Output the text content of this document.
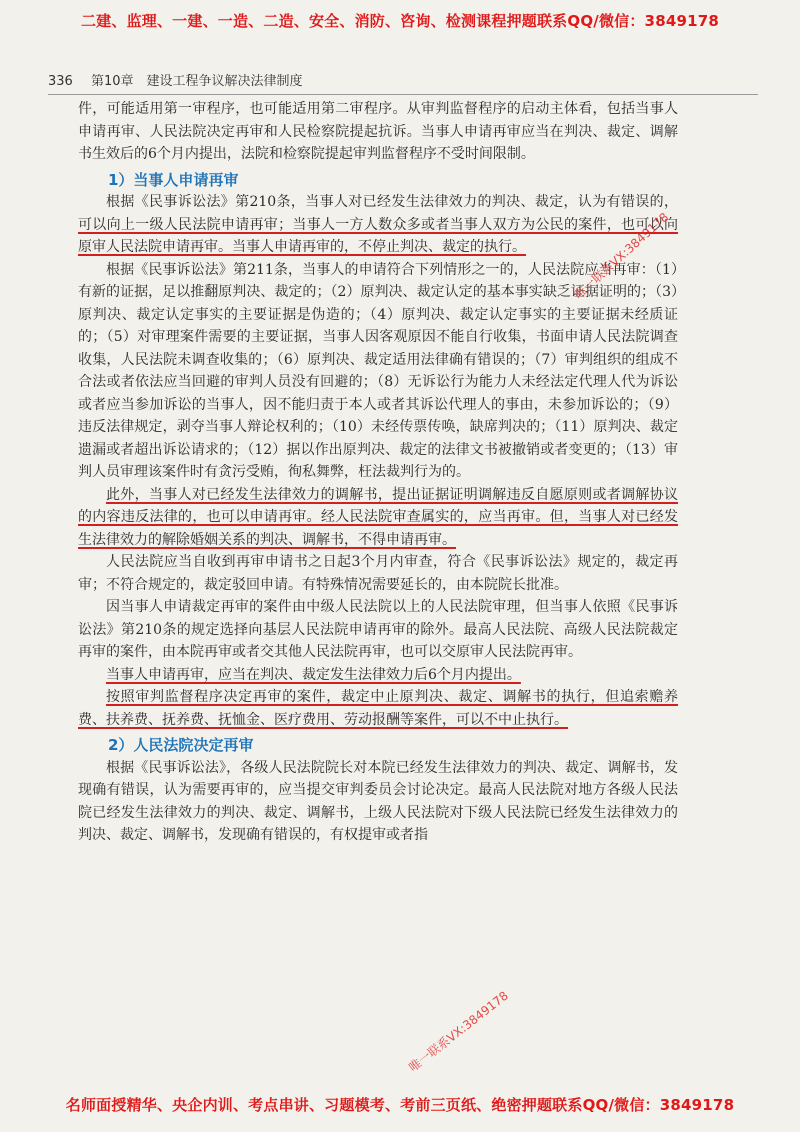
二建、监理、一建、一造、二造、安全、消防、咨询、检测课程押题联系QQ/微信：3849178
336 第10章　建设工程争议解决法律制度

件，可能适用第一审程序，也可能适用第二审程序。从审判监督程序的启动主体看，包括当事人申请再审、人民法院决定再审和人民检察院提起抗诉。当事人申请再审应当在判决、裁定、调解书生效后的6个月内提出，法院和检察院提起审判监督程序不受时间限制。

1）当事人申请再审

根据《民事诉讼法》第210条，当事人对已经发生法律效力的判决、裁定，认为有错误的，可以向上一级人民法院申请再审；当事人一方人数众多或者当事人双方为公民的案件，也可以向原审人民法院申请再审。当事人申请再审的，不停止判决、裁定的执行。

根据《民事诉讼法》第211条，当事人的申请符合下列情形之一的，人民法院应当再审：（1）有新的证据，足以推翻原判决、裁定的；（2）原判决、裁定认定的基本事实缺乏证据证明的；（3）原判决、裁定认定事实的主要证据是伪造的；（4）原判决、裁定认定事实的主要证据未经质证的；（5）对审理案件需要的主要证据，当事人因客观原因不能自行收集，书面申请人民法院调查收集，人民法院未调查收集的；（6）原判决、裁定适用法律确有错误的；（7）审判组织的组成不合法或者依法应当回避的审判人员没有回避的；（8）无诉讼行为能力人未经法定代理人代为诉讼或者应当参加诉讼的当事人，因不能归责于本人或者其诉讼代理人的事由，未参加诉讼的；（9）违反法律规定，剥夺当事人辩论权利的；（10）未经传票传唤，缺席判决的；（11）原判决、裁定遗漏或者超出诉讼请求的；（12）据以作出原判决、裁定的法律文书被撤销或者变更的；（13）审判人员审理该案件时有贪污受贿，徇私舞弊，枉法裁判行为的。

此外，当事人对已经发生法律效力的调解书，提出证据证明调解违反自愿原则或者调解协议的内容违反法律的，也可以申请再审。经人民法院审查属实的，应当再审。但，当事人对已经发生法律效力的解除婚姻关系的判决、调解书，不得申请再审。

人民法院应当自收到再审申请书之日起3个月内审查，符合《民事诉讼法》规定的，裁定再审；不符合规定的，裁定驳回申请。有特殊情况需要延长的，由本院院长批准。

因当事人申请裁定再审的案件由中级人民法院以上的人民法院审理，但当事人依照《民事诉讼法》第210条的规定选择向基层人民法院申请再审的除外。最高人民法院、高级人民法院裁定再审的案件，由本院再审或者交其他人民法院再审，也可以交原审人民法院再审。

当事人申请再审，应当在判决、裁定发生法律效力后6个月内提出。

按照审判监督程序决定再审的案件，裁定中止原判决、裁定、调解书的执行，但追索赡养费、扶养费、抚养费、抚恤金、医疗费用、劳动报酬等案件，可以不中止执行。

2）人民法院决定再审

根据《民事诉讼法》，各级人民法院院长对本院已经发生法律效力的判决、裁定、调解书，发现确有错误，认为需要再审的，应当提交审判委员会讨论决定。最高人民法院对地方各级人民法院已经发生法律效力的判决、裁定、调解书，上级人民法院对下级人民法院已经发生法律效力的判决、裁定、调解书，发现确有错误的，有权提审或者指

唯一联系VX:3849178
唯一联系VX:3849178
名师面授精华、央企内训、考点串讲、习题模考、考前三页纸、绝密押题联系QQ/微信：3849178
